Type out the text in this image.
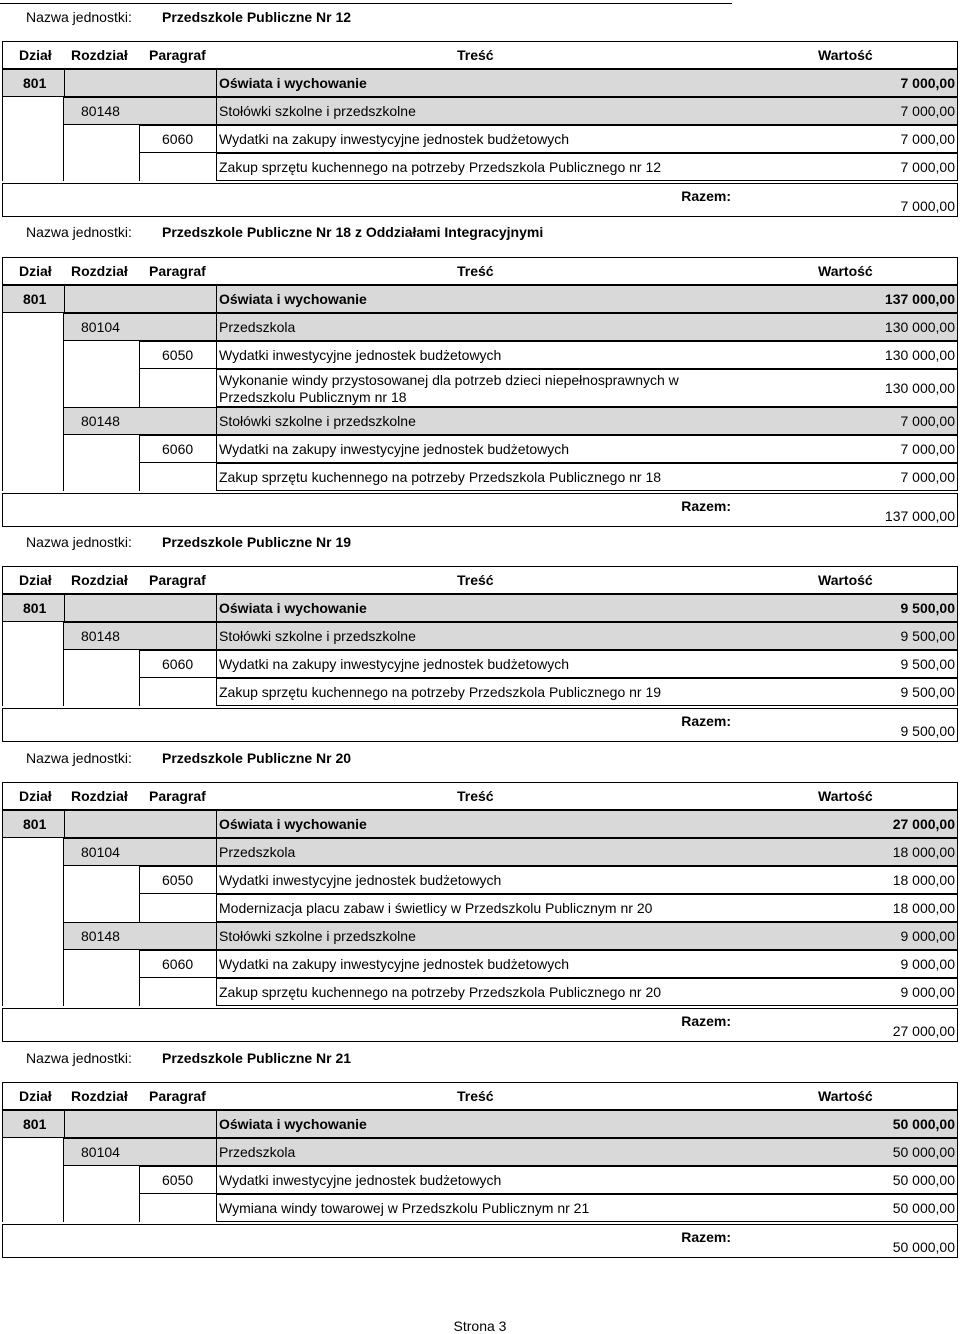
Nazwa jednostki: Przedszkole Publiczne Nr 12
Dział Rozdział Paragraf	Treść	Wartość
801	Oświata i wychowanie	7 000,00
80148	Stołówki szkolne i przedszkolne	7 000,00
6060 Wydatki na zakupy inwestycyjne jednostek budżetowych	7 000,00
Zakup sprzętu kuchennego na potrzeby Przedszkola Publicznego nr 12	7 000,00
Razem:
7 000,00
Nazwa jednostki: Przedszkole Publiczne Nr 18 z Oddziałami Integracyjnymi
Dział Rozdział Paragraf	Treść	Wartość
801	Oświata i wychowanie	137 000,00
80104	Przedszkola	130 000,00
6050 Wydatki inwestycyjne jednostek budżetowych	130 000,00
Wykonanie windy przystosowanej dla potrzeb dzieci niepełnosprawnych w
Przedszkolu Publicznym nr 18
130 000,00
80148	Stołówki szkolne i przedszkolne	7 000,00
6060 Wydatki na zakupy inwestycyjne jednostek budżetowych	7 000,00
Zakup sprzętu kuchennego na potrzeby Przedszkola Publicznego nr 18	7 000,00
Razem:
137 000,00
Nazwa jednostki: Przedszkole Publiczne Nr 19
Dział Rozdział Paragraf	Treść	Wartość
801	Oświata i wychowanie	9 500,00
80148	Stołówki szkolne i przedszkolne	9 500,00
6060 Wydatki na zakupy inwestycyjne jednostek budżetowych	9 500,00
Zakup sprzętu kuchennego na potrzeby Przedszkola Publicznego nr 19	9 500,00
Razem:
9 500,00
Nazwa jednostki: Przedszkole Publiczne Nr 20
Dział Rozdział Paragraf	Treść	Wartość
801	Oświata i wychowanie	27 000,00
80104	Przedszkola	18 000,00
6050 Wydatki inwestycyjne jednostek budżetowych	18 000,00
Modernizacja placu zabaw i świetlicy w Przedszkolu Publicznym nr 20	18 000,00
80148	Stołówki szkolne i przedszkolne	9 000,00
6060 Wydatki na zakupy inwestycyjne jednostek budżetowych	9 000,00
Zakup sprzętu kuchennego na potrzeby Przedszkola Publicznego nr 20	9 000,00
Razem:
27 000,00
Nazwa jednostki: Przedszkole Publiczne Nr 21
Dział Rozdział Paragraf	Treść	Wartość
801	Oświata i wychowanie	50 000,00
80104	Przedszkola	50 000,00
6050 Wydatki inwestycyjne jednostek budżetowych	50 000,00
Wymiana windy towarowej w Przedszkolu Publicznym nr 21	50 000,00
Razem:
50 000,00
Strona 3
